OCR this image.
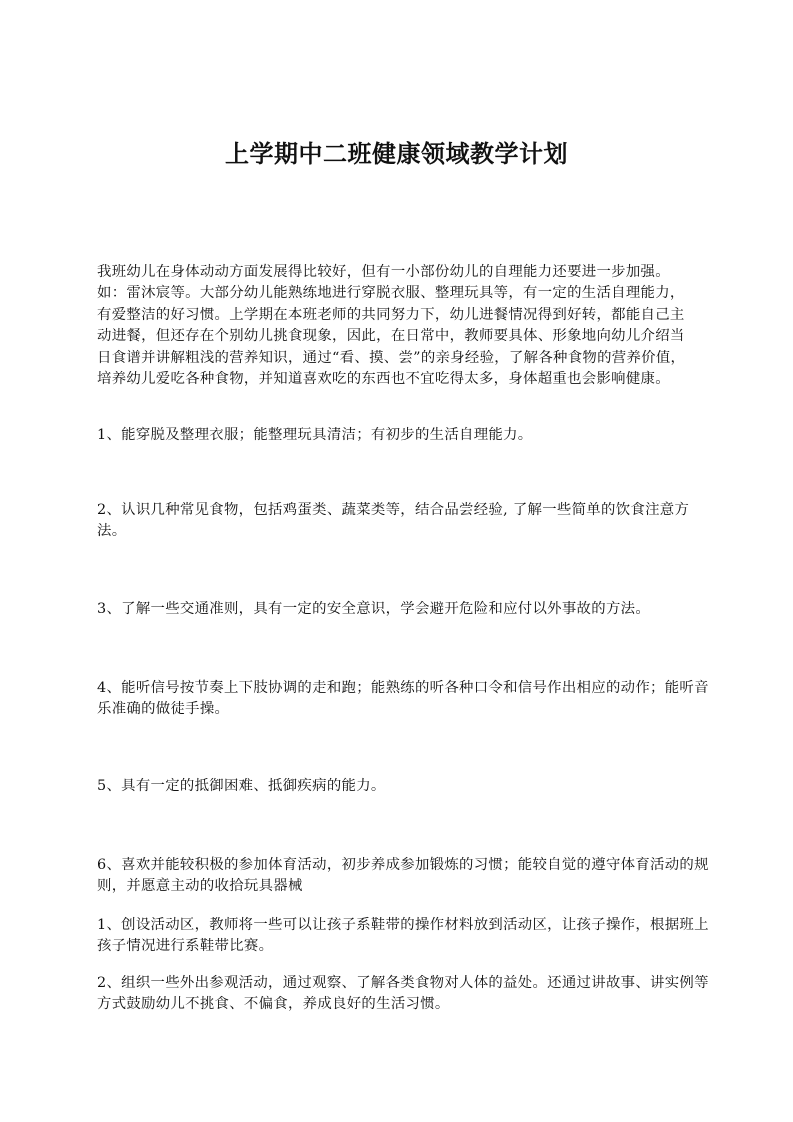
上学期中二班健康领域教学计划

我班幼儿在身体动动方面发展得比较好，但有一小部份幼儿的自理能力还要进一步加强。如：雷沐宸等。大部分幼儿能熟练地进行穿脱衣服、整理玩具等，有一定的生活自理能力，有爱整洁的好习惯。上学期在本班老师的共同努力下，幼儿进餐情况得到好转，都能自己主动进餐，但还存在个别幼儿挑食现象，因此，在日常中，教师要具体、形象地向幼儿介绍当日食谱并讲解粗浅的营养知识，通过“看、摸、尝”的亲身经验，了解各种食物的营养价值，培养幼儿爱吃各种食物，并知道喜欢吃的东西也不宜吃得太多，身体超重也会影响健康。

1、能穿脱及整理衣服；能整理玩具清洁；有初步的生活自理能力。

2、认识几种常见食物，包括鸡蛋类、蔬菜类等，结合品尝经验, 了解一些简单的饮食注意方法。

3、了解一些交通准则，具有一定的安全意识，学会避开危险和应付以外事故的方法。

4、能听信号按节奏上下肢协调的走和跑；能熟练的听各种口令和信号作出相应的动作；能听音乐准确的做徒手操。

5、具有一定的抵御困难、抵御疾病的能力。

6、喜欢并能较积极的参加体育活动，初步养成参加锻炼的习惯；能较自觉的遵守体育活动的规则，并愿意主动的收拾玩具器械

1、创设活动区，教师将一些可以让孩子系鞋带的操作材料放到活动区，让孩子操作，根据班上孩子情况进行系鞋带比赛。

2、组织一些外出参观活动，通过观察、了解各类食物对人体的益处。还通过讲故事、讲实例等方式鼓励幼儿不挑食、不偏食，养成良好的生活习惯。
